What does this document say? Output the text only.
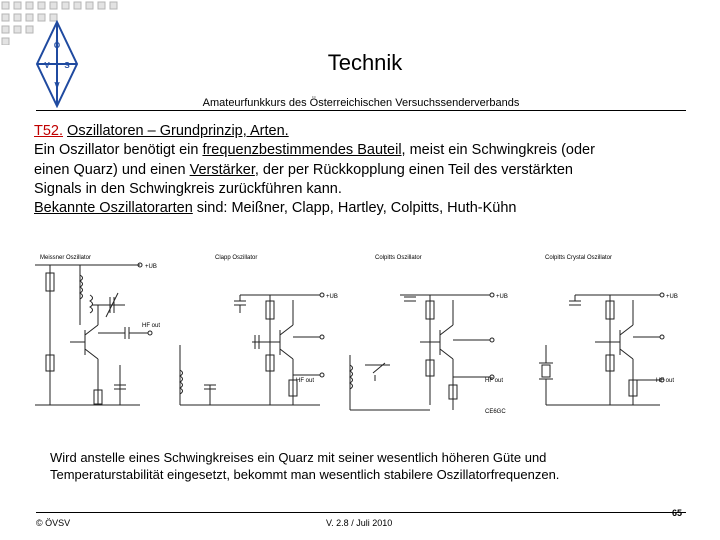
Ö
V S
V
Technik
Amateurfunkkurs des Österreichischen Versuchssenderverbands
T52. Oszillatoren – Grundprinzip, Arten.
Ein Oszillator benötigt ein frequenzbestimmendes Bauteil, meist ein Schwingkreis (oder
einen Quarz) und einen Verstärker, der per Rückkopplung einen Teil des verstärkten
Signals in den Schwingkreis zurückführen kann.
Bekannte Oszillatorarten sind: Meißner, Clapp, Hartley, Colpitts, Huth-Kühn
Meissner Oszillator
+UB
HF out
Clapp Oszillator
+UB
HF out
Colpitts Oszillator
+UB
HF out
CE6GC
Colpitts Crystal Oszillator
+UB
HF out
Wird anstelle eines Schwingkreises ein Quarz mit seiner wesentlich höheren Güte und
Temperaturstabilität eingesetzt, bekommt man wesentlich stabilere Oszillatorfrequenzen.
© ÖVSV	V. 2.8 / Juli 2010
65
